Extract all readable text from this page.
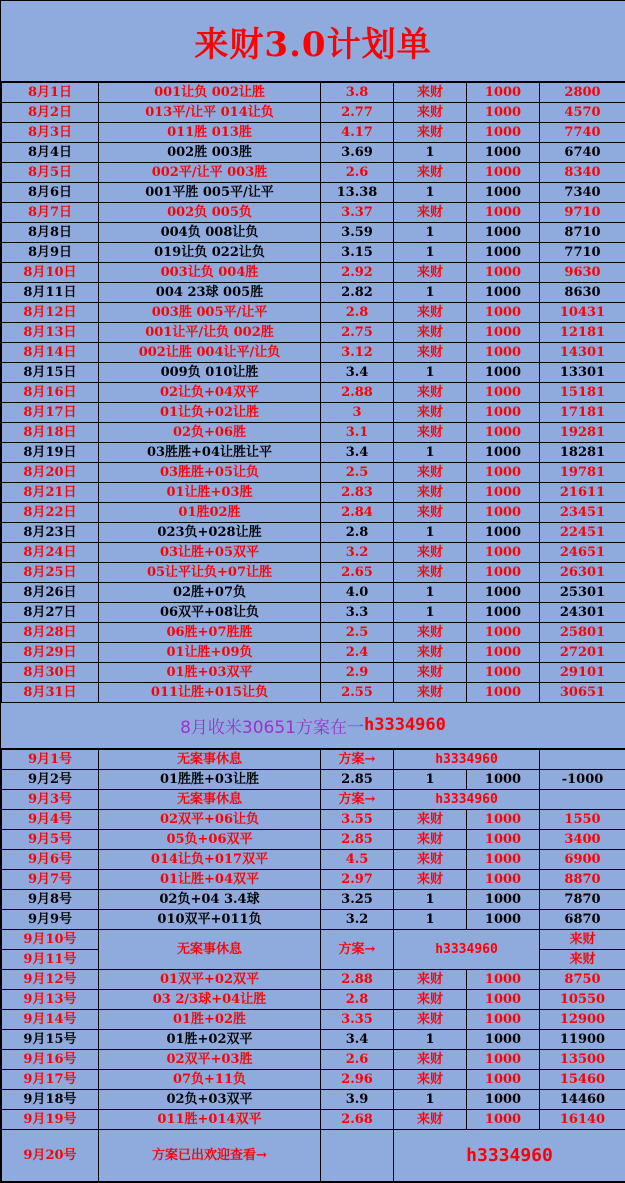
来财3.0计划单
8月1日	001让负 002让胜	3.8	来财	1000	2800
8月2日	013平/让平 014让负	2.77	来财	1000	4570
8月3日	011胜 013胜	4.17	来财	1000	7740
8月4日	002胜 003胜	3.69	1	1000	6740
8月5日	002平/让平 003胜	2.6	来财	1000	8340
8月6日	001平胜 005平/让平	13.38	1	1000	7340
8月7日	002负 005负	3.37	来财	1000	9710
8月8日	004负 008让负	3.59	1	1000	8710
8月9日	019让负 022让负	3.15	1	1000	7710
8月10日	003让负 004胜	2.92	来财	1000	9630
8月11日	004 23球 005胜	2.82	1	1000	8630
8月12日	003胜 005平/让平	2.8	来财	1000	10431
8月13日	001让平/让负 002胜	2.75	来财	1000	12181
8月14日	002让胜 004让平/让负	3.12	来财	1000	14301
8月15日	009负 010让胜	3.4	1	1000	13301
8月16日	02让负+04双平	2.88	来财	1000	15181
8月17日	01让负+02让胜	3	来财	1000	17181
8月18日	02负+06胜	3.1	来财	1000	19281
8月19日	03胜胜+04让胜让平	3.4	1	1000	18281
8月20日	03胜胜+05让负	2.5	来财	1000	19781
8月21日	01让胜+03胜	2.83	来财	1000	21611
8月22日	01胜02胜	2.84	来财	1000	23451
8月23日	023负+028让胜	2.8	1	1000	22451
8月24日	03让胜+05双平	3.2	来财	1000	24651
8月25日	05让平让负+07让胜	2.65	来财	1000	26301
8月26日	02胜+07负	4.0	1	1000	25301
8月27日	06双平+08让负	3.3	1	1000	24301
8月28日	06胜+07胜胜	2.5	来财	1000	25801
8月29日	01让胜+09负	2.4	来财	1000	27201
8月30日	01胜+03双平	2.9	来财	1000	29101
8月31日	011让胜+015让负	2.55	来财	1000	30651
8月收米30651方案在一 h3334960
9月1号	无案事休息	方案→	h3334960		
9月2号	01胜胜+03让胜	2.85	1	1000	-1000
9月3号	无案事休息	方案→	h3334960		
9月4号	02双平+06让负	3.55	来财	1000	1550
9月5号	05负+06双平	2.85	来财	1000	3400
9月6号	014让负+017双平	4.5	来财	1000	6900
9月7号	01让胜+04双平	2.97	来财	1000	8870
9月8号	02负+04 3.4球	3.25	1	1000	7870
9月9号	010双平+011负	3.2	1	1000	6870
9月10号	无案事休息	方案→	h3334960	来财
9月11号				来财
9月12号	01双平+02双平	2.88	来财	1000	8750
9月13号	03 2/3球+04让胜	2.8	来财	1000	10550
9月14号	01胜+02胜	3.35	来财	1000	12900
9月15号	01胜+02双平	3.4	1	1000	11900
9月16号	02双平+03胜	2.6	来财	1000	13500
9月17号	07负+11负	2.96	来财	1000	15460
9月18号	02负+03双平	3.9	1	1000	14460
9月19号	011胜+014双平	2.68	来财	1000	16140
9月20号	方案已出欢迎查看→		h3334960
